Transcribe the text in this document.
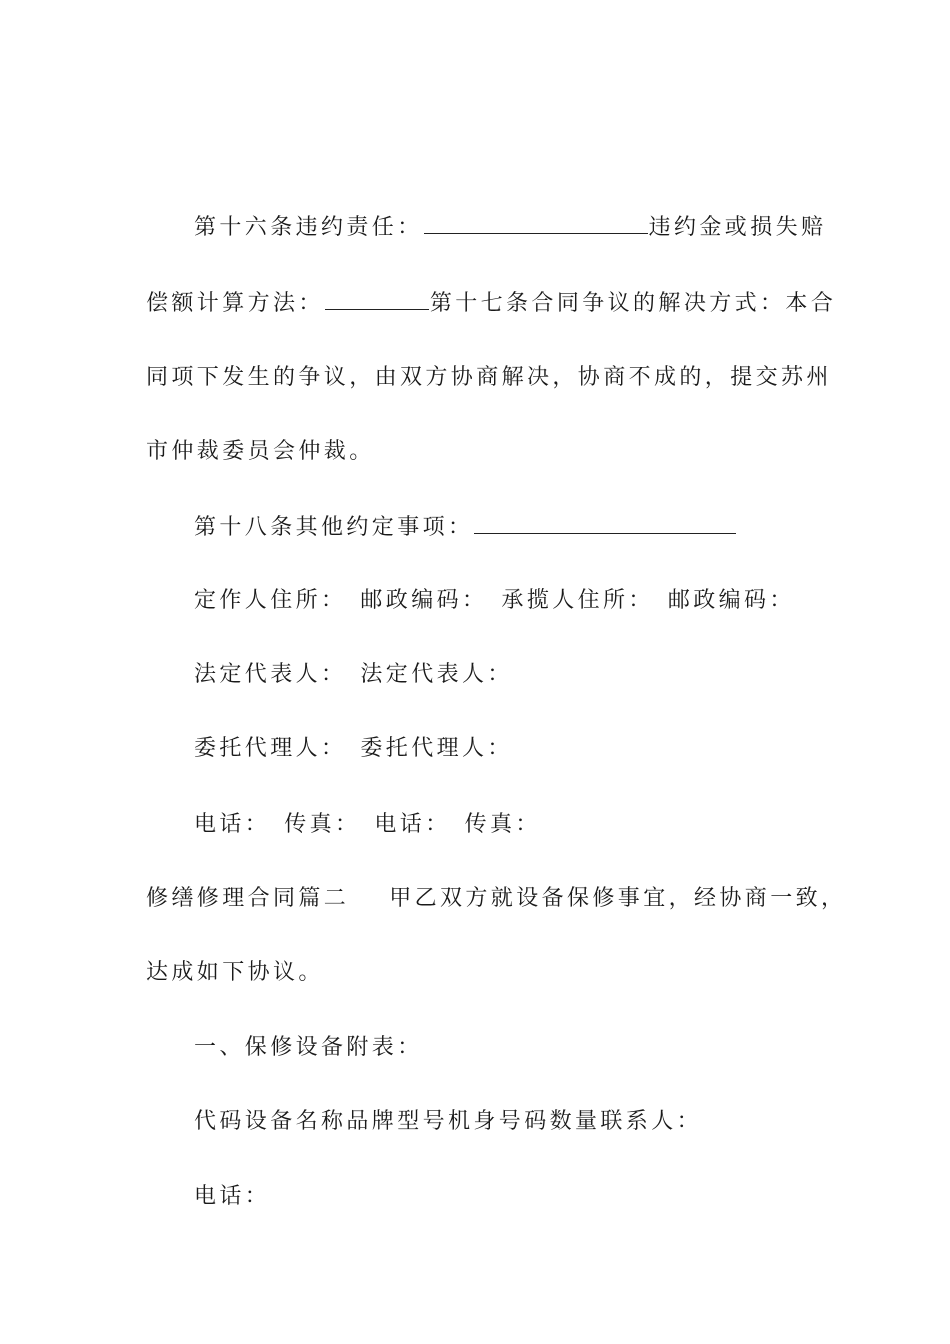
第十六条违约责任：	违约金或损失赔
偿额计算方法：	第十七条合同争议的解决方式：本合
同项下发生的争议，由双方协商解决，协商不成的，提交苏州
市仲裁委员会仲裁。
第十八条其他约定事项：
定作人住所： 邮政编码： 承揽人住所： 邮政编码：
法定代表人： 法定代表人：
委托代理人： 委托代理人：
电话： 传真： 电话： 传真：
修缮修理合同篇二 甲乙双方就设备保修事宜，经协商一致，
达成如下协议。
一、保修设备附表：
代码设备名称品牌型号机身号码数量联系人：
电话：
